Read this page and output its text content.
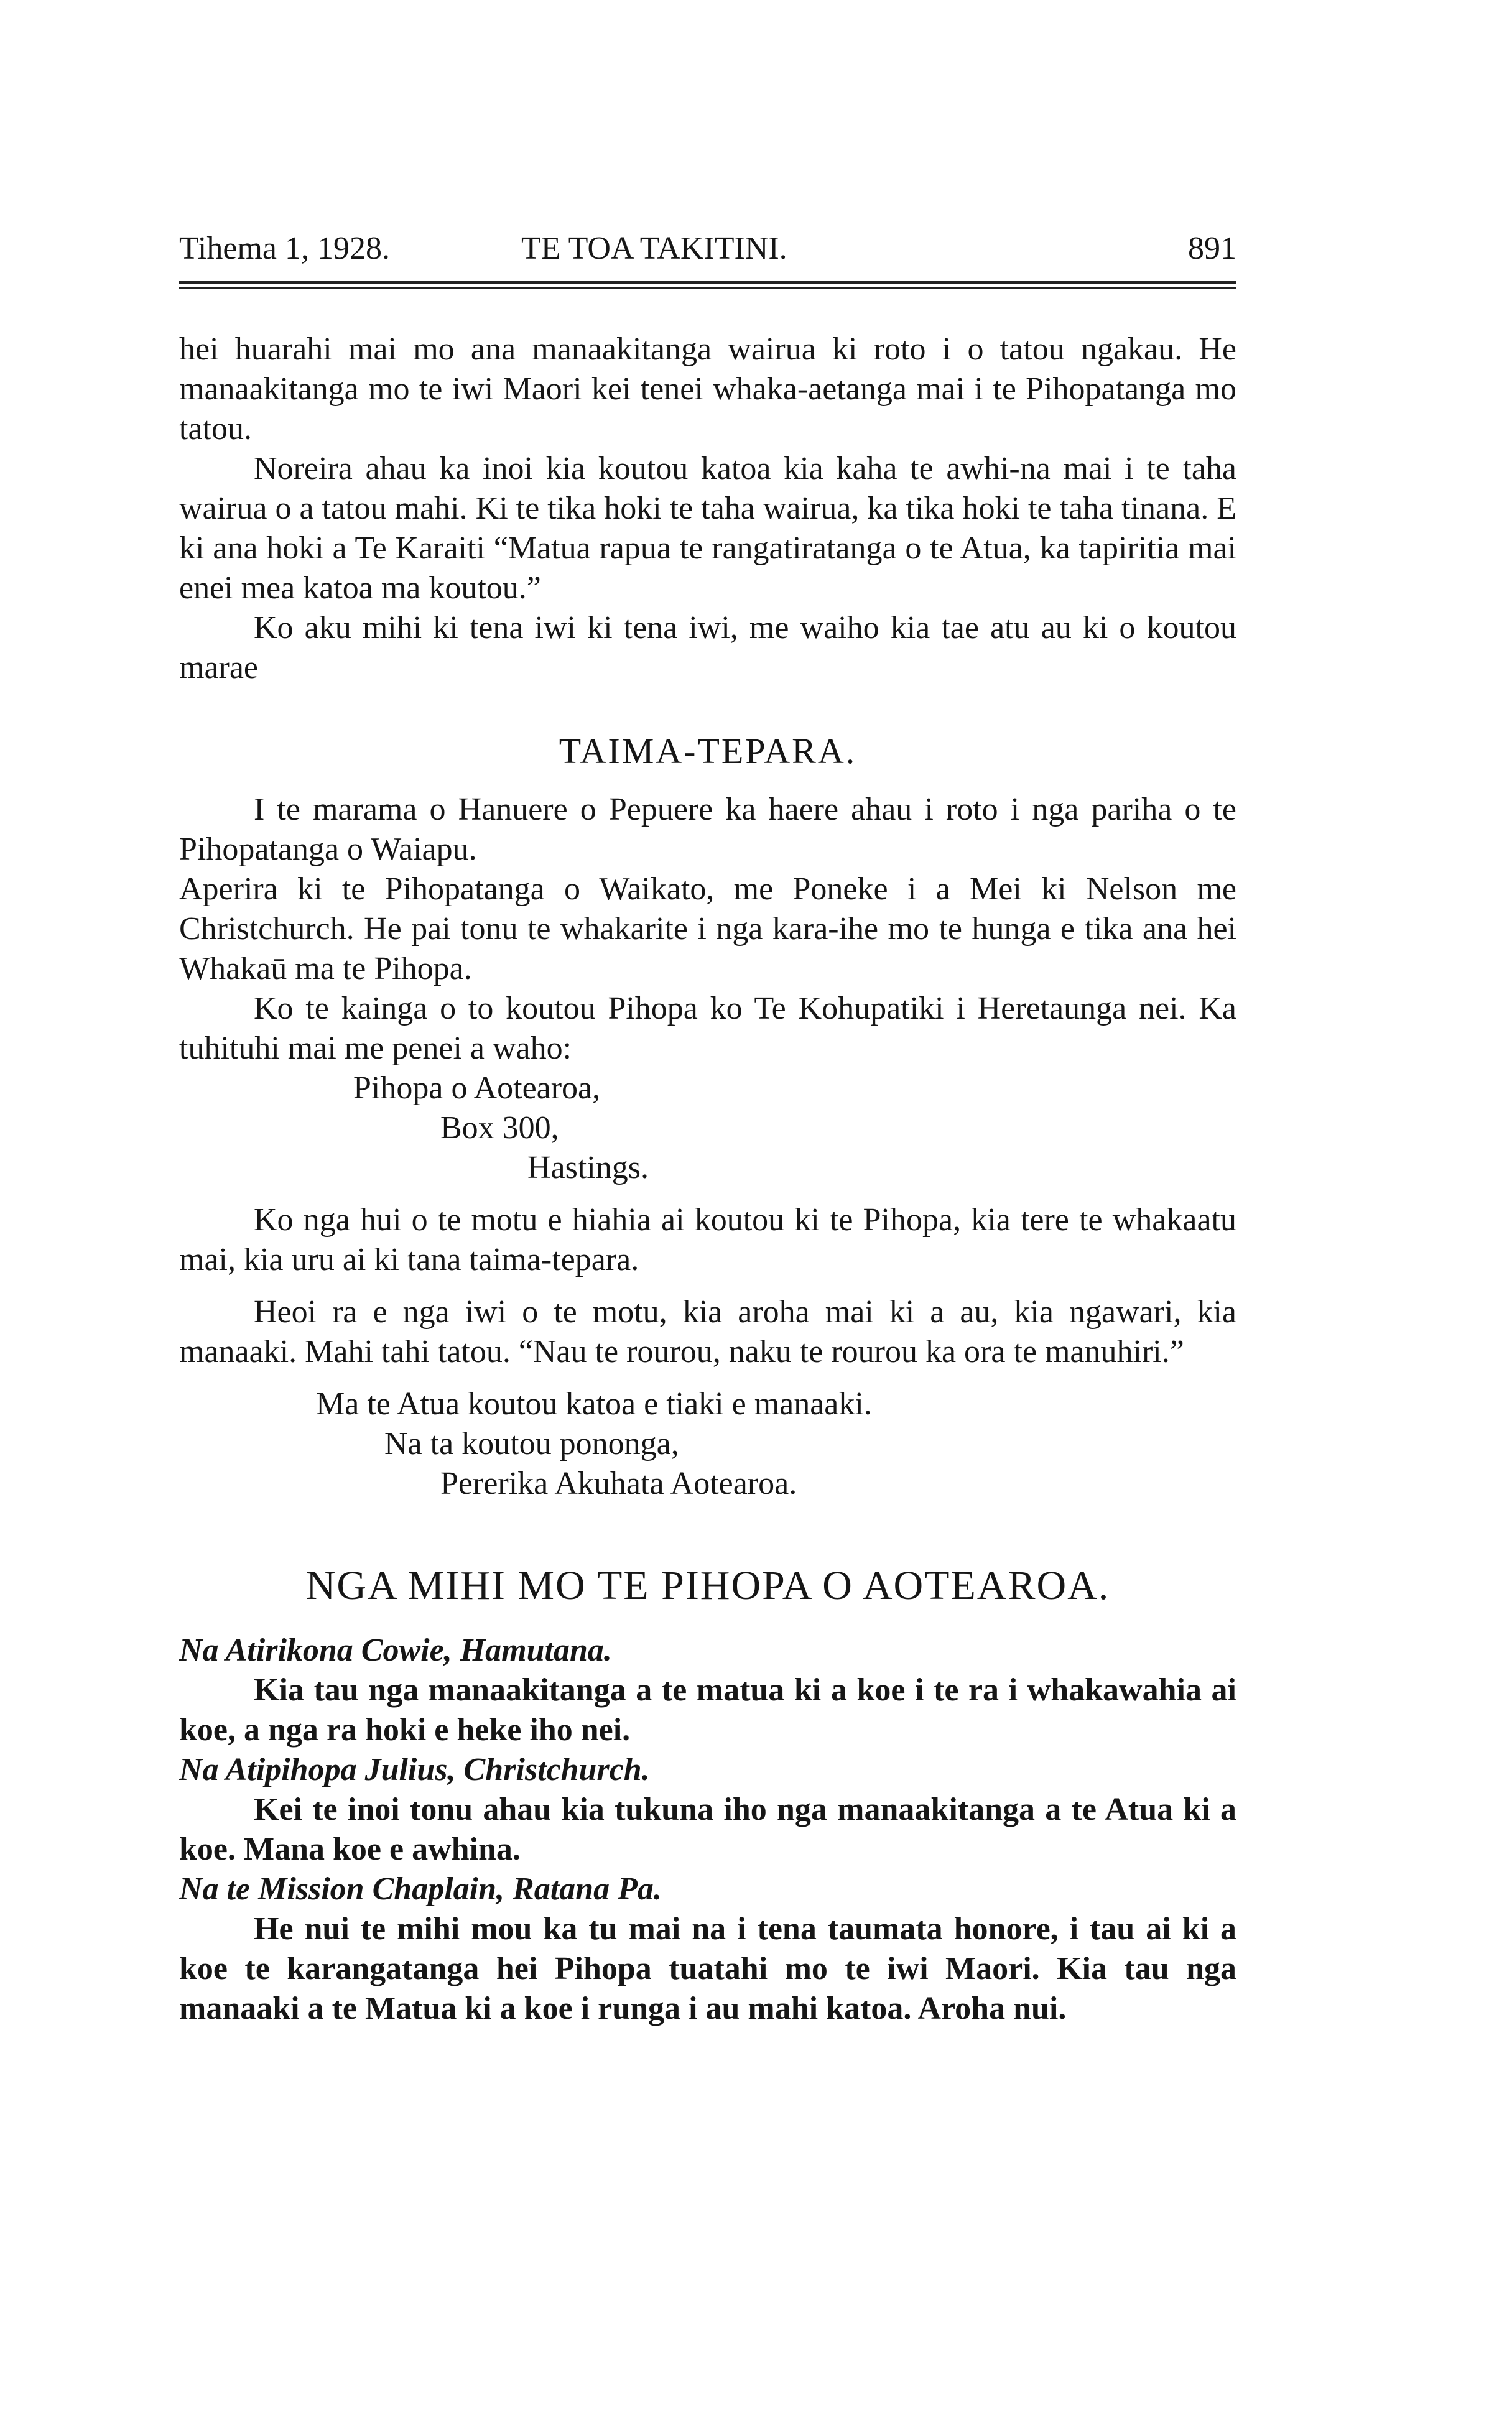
Tihema 1, 1928.	TE TOA TAKITINI.	891

hei huarahi mai mo ana manaakitanga wairua ki roto i o tatou ngakau. He manaakitanga mo te iwi Maori kei tenei whaka-aetanga mai i te Pihopatanga mo tatou.

Noreira ahau ka inoi kia koutou katoa kia kaha te awhi-na mai i te taha wairua o a tatou mahi. Ki te tika hoki te taha wairua, ka tika hoki te taha tinana. E ki ana hoki a Te Karaiti “Matua rapua te rangatiratanga o te Atua, ka tapiritia mai enei mea katoa ma koutou.”

Ko aku mihi ki tena iwi ki tena iwi, me waiho kia tae atu au ki o koutou marae

TAIMA-TEPARA.

I te marama o Hanuere o Pepuere ka haere ahau i roto i nga pariha o te Pihopatanga o Waiapu.

Aperira ki te Pihopatanga o Waikato, me Poneke i a Mei ki Nelson me Christchurch. He pai tonu te whakarite i nga kara-ihe mo te hunga e tika ana hei Whakaū ma te Pihopa.

Ko te kainga o to koutou Pihopa ko Te Kohupatiki i Heretaunga nei. Ka tuhituhi mai me penei a waho:

Pihopa o Aotearoa,

Box 300,

Hastings.

Ko nga hui o te motu e hiahia ai koutou ki te Pihopa, kia tere te whakaatu mai, kia uru ai ki tana taima-tepara.

Heoi ra e nga iwi o te motu, kia aroha mai ki a au, kia ngawari, kia manaaki. Mahi tahi tatou. “Nau te rourou, naku te rourou ka ora te manuhiri.”

Ma te Atua koutou katoa e tiaki e manaaki.

Na ta koutou pononga,

Pererika Akuhata Aotearoa.

NGA MIHI MO TE PIHOPA O AOTEAROA.

Na Atirikona Cowie, Hamutana.

Kia tau nga manaakitanga a te matua ki a koe i te ra i whakawahia ai koe, a nga ra hoki e heke iho nei.

Na Atipihopa Julius, Christchurch.

Kei te inoi tonu ahau kia tukuna iho nga manaakitanga a te Atua ki a koe. Mana koe e awhina.

Na te Mission Chaplain, Ratana Pa.

He nui te mihi mou ka tu mai na i tena taumata honore, i tau ai ki a koe te karangatanga hei Pihopa tuatahi mo te iwi Maori. Kia tau nga manaaki a te Matua ki a koe i runga i au mahi katoa. Aroha nui.
